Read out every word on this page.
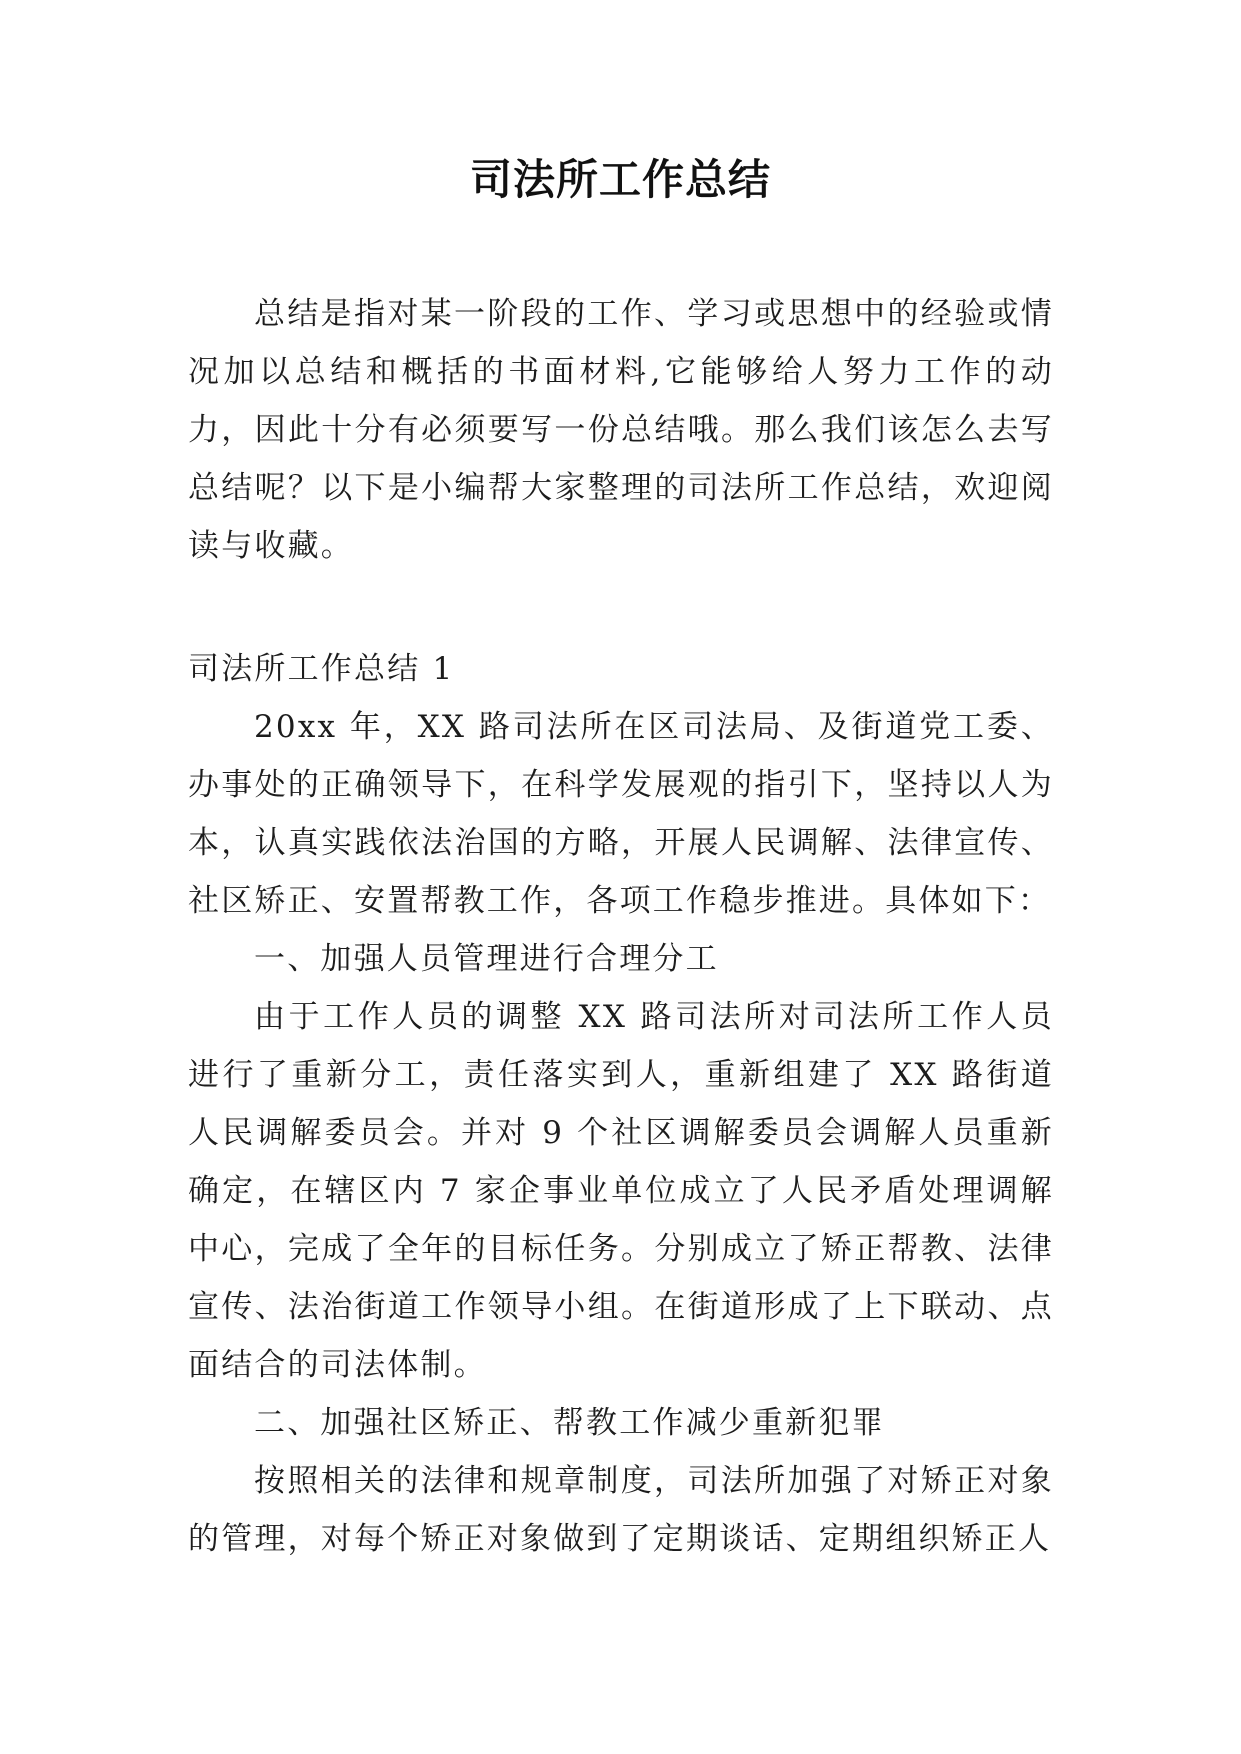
司法所工作总结

总结是指对某一阶段的工作、学习或思想中的经验或情况加以总结和概括的书面材料,它能够给人努力工作的动力，因此十分有必须要写一份总结哦。那么我们该怎么去写总结呢？以下是小编帮大家整理的司法所工作总结，欢迎阅读与收藏。

司法所工作总结 1

20xx 年，XX 路司法所在区司法局、及街道党工委、办事处的正确领导下，在科学发展观的指引下，坚持以人为本，认真实践依法治国的方略，开展人民调解、法律宣传、社区矫正、安置帮教工作，各项工作稳步推进。具体如下：

一、加强人员管理进行合理分工

由于工作人员的调整 XX 路司法所对司法所工作人员进行了重新分工，责任落实到人，重新组建了 XX 路街道人民调解委员会。并对 9 个社区调解委员会调解人员重新确定，在辖区内 7 家企事业单位成立了人民矛盾处理调解中心，完成了全年的目标任务。分别成立了矫正帮教、法律宣传、法治街道工作领导小组。在街道形成了上下联动、点面结合的司法体制。

二、加强社区矫正、帮教工作减少重新犯罪

按照相关的法律和规章制度，司法所加强了对矫正对象的管理，对每个矫正对象做到了定期谈话、定期组织矫正人
